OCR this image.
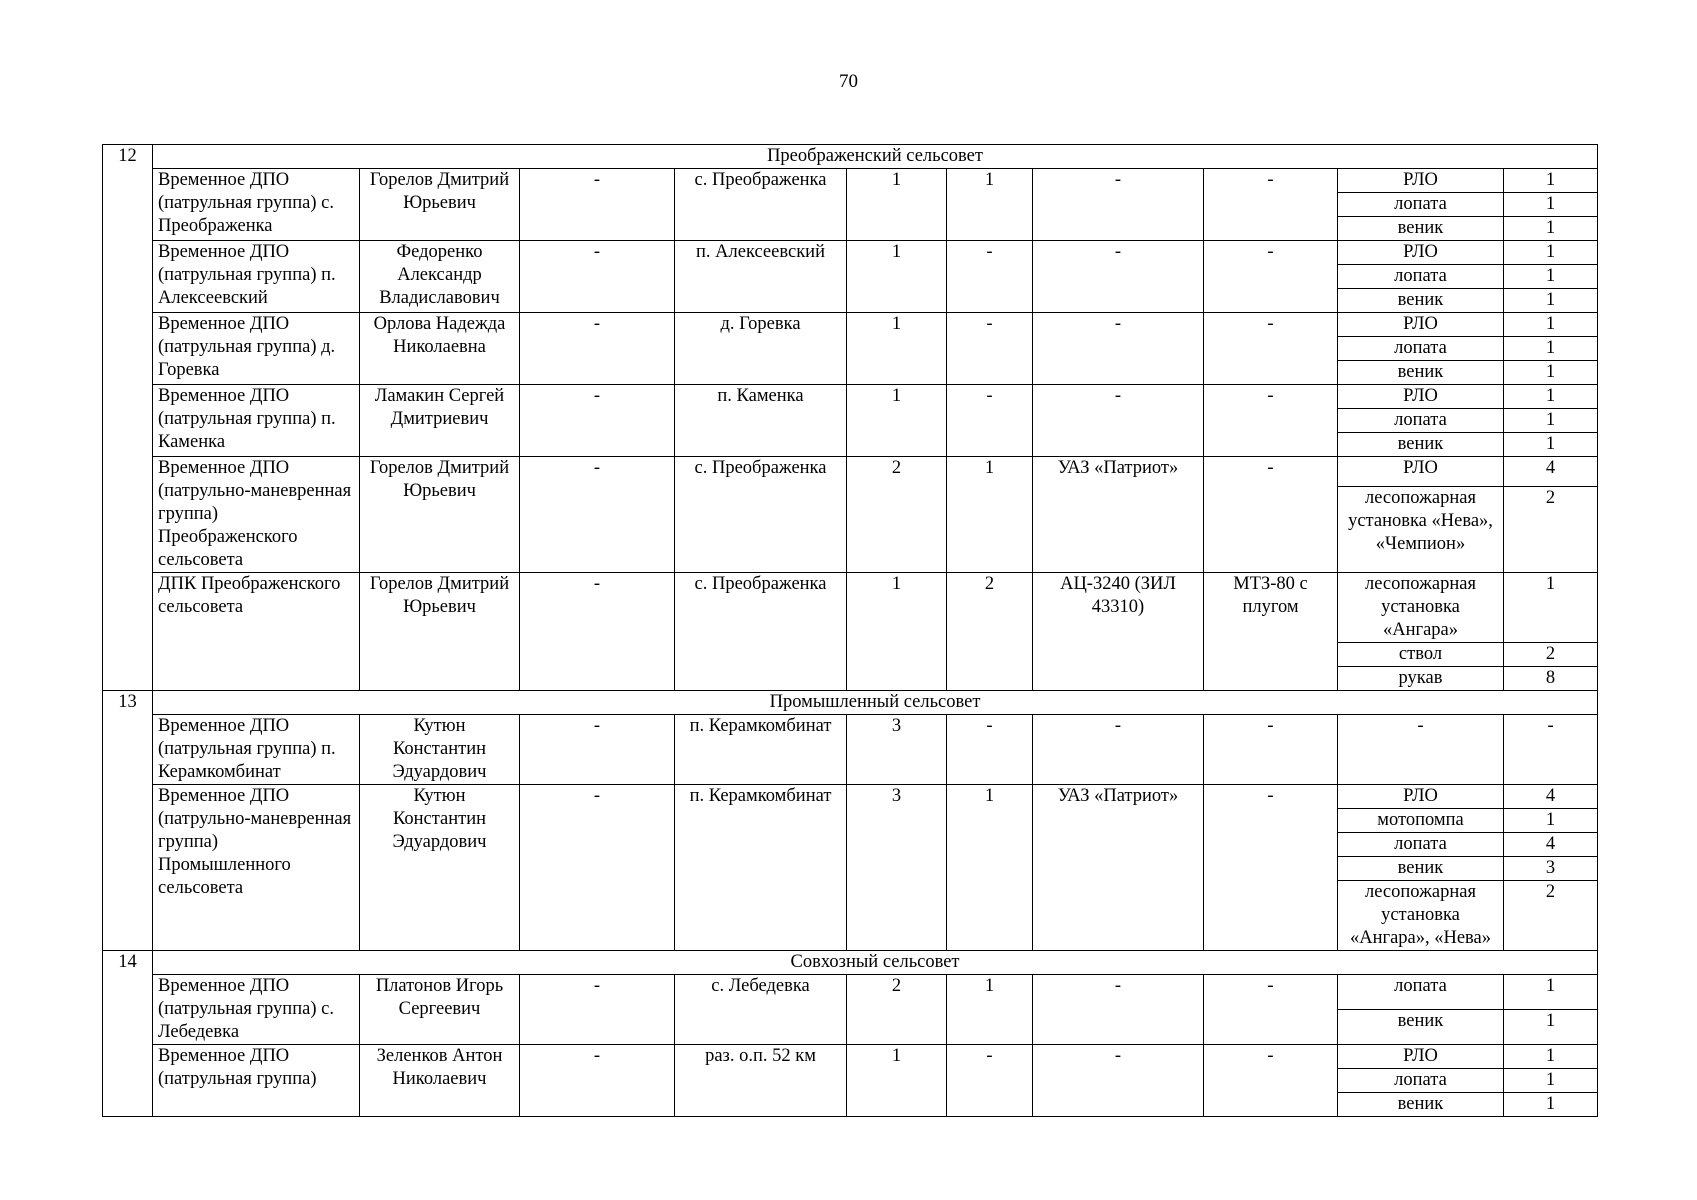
70
12	Преображенский сельсовет									
	Временное ДПО (патрульная группа) с. Преображенка	Горелов Дмитрий Юрьевич	-	с. Преображенка	1	1	-	-	РЛО	1
									лопата	1
									веник	1
	Временное ДПО (патрульная группа) п. Алексеевский	Федоренко Александр Владиславович	-	п. Алексеевский	1	-	-	-	РЛО	1
									лопата	1
									веник	1
	Временное ДПО (патрульная группа) д. Горевка	Орлова Надежда Николаевна	-	д. Горевка	1	-	-	-	РЛО	1
									лопата	1
									веник	1
	Временное ДПО (патрульная группа) п. Каменка	Ламакин Сергей Дмитриевич	-	п. Каменка	1	-	-	-	РЛО	1
									лопата	1
									веник	1
	Временное ДПО (патрульно-маневренная группа) Преображенского сельсовета	Горелов Дмитрий Юрьевич	-	с. Преображенка	2	1	УАЗ «Патриот»	-	РЛО	4
									лесопожарная установка «Нева», «Чемпион»	2
	ДПК Преображенского сельсовета	Горелов Дмитрий Юрьевич	-	с. Преображенка	1	2	АЦ-3240 (ЗИЛ 43310)	МТЗ-80 с плугом	лесопожарная установка «Ангара»	1
									ствол	2
									рукав	8
13	Промышленный сельсовет									
	Временное ДПО (патрульная группа) п. Керамкомбинат	Кутюн Константин Эдуардович	-	п. Керамкомбинат	3	-	-	-	-	-
	Временное ДПО (патрульно-маневренная группа) Промышленного сельсовета	Кутюн Константин Эдуардович	-	п. Керамкомбинат	3	1	УАЗ «Патриот»	-	РЛО	4
									мотопомпа	1
									лопата	4
									веник	3
									лесопожарная установка «Ангара», «Нева»	2
14	Совхозный сельсовет									
	Временное ДПО (патрульная группа) с. Лебедевка	Платонов Игорь Сергеевич	-	с. Лебедевка	2	1	-	-	лопата	1
									веник	1
	Временное ДПО (патрульная группа)	Зеленков Антон Николаевич	-	раз. о.п. 52 км	1	-	-	-	РЛО	1
									лопата	1
									веник	1
